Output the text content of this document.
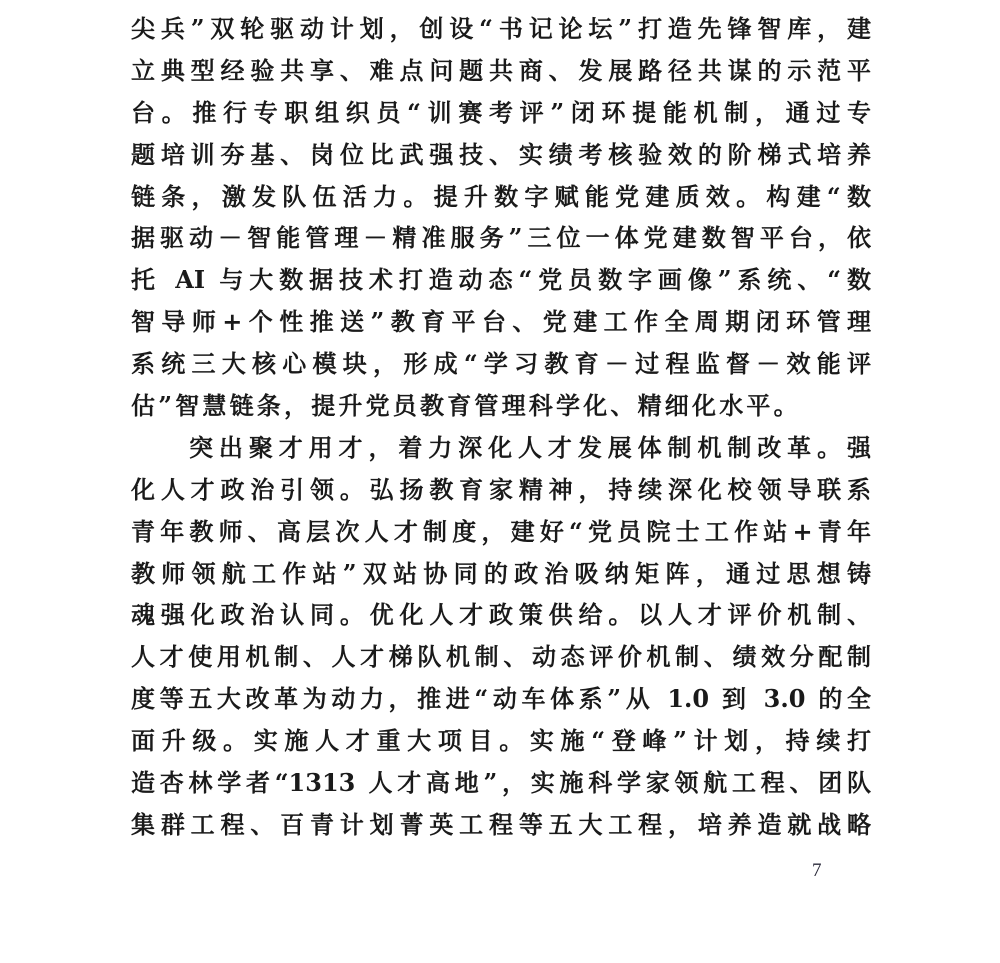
尖兵”双轮驱动计划，创设“书记论坛”打造先锋智库，建
立典型经验共享、难点问题共商、发展路径共谋的示范平
台。推行专职组织员“训赛考评”闭环提能机制，通过专
题培训夯基、岗位比武强技、实绩考核验效的阶梯式培养
链条，激发队伍活力。提升数字赋能党建质效。构建“数
据驱动－智能管理－精准服务”三位一体党建数智平台，依
托 AI 与大数据技术打造动态“党员数字画像”系统、“数
智导师+个性推送”教育平台、党建工作全周期闭环管理
系统三大核心模块，形成“学习教育－过程监督－效能评
估”智慧链条，提升党员教育管理科学化、精细化水平。
突出聚才用才，着力深化人才发展体制机制改革。强
化人才政治引领。弘扬教育家精神，持续深化校领导联系
青年教师、高层次人才制度，建好“党员院士工作站+青年
教师领航工作站”双站协同的政治吸纳矩阵，通过思想铸
魂强化政治认同。优化人才政策供给。以人才评价机制、
人才使用机制、人才梯队机制、动态评价机制、绩效分配制
度等五大改革为动力，推进“动车体系”从 1.0 到 3.0 的全
面升级。实施人才重大项目。实施“登峰”计划，持续打
造杏林学者“1313 人才高地”，实施科学家领航工程、团队
集群工程、百青计划菁英工程等五大工程，培养造就战略
7
